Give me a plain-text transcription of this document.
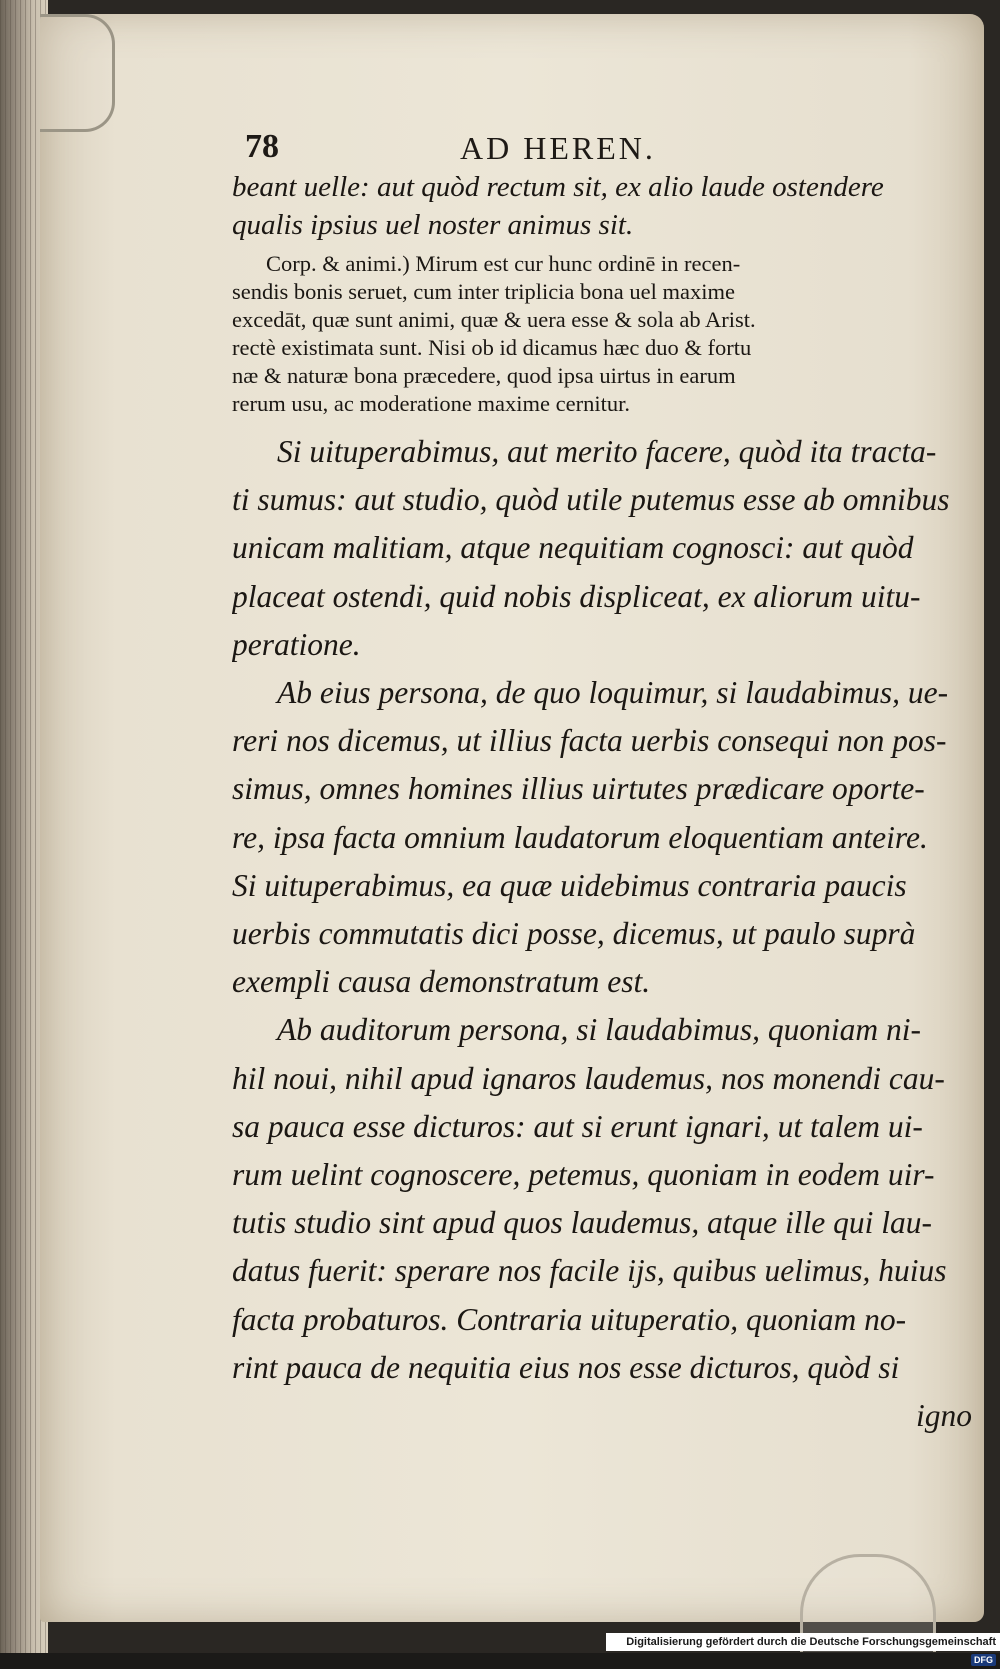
78	AD HEREN.
beant uelle: aut quòd rectum sit, ex alio laude ostendere
qualis ipsius uel noster animus sit.
Corp. & animi.) Mirum est cur hunc ordinē in recen-
sendis bonis seruet, cum inter triplicia bona uel maxime
excedāt, quæ sunt animi, quæ & uera esse & sola ab Arist.
rectè existimata sunt. Nisi ob id dicamus hæc duo & fortu
næ & naturæ bona præcedere, quod ipsa uirtus in earum
rerum usu, ac moderatione maxime cernitur.
Si uituperabimus, aut merito facere, quòd ita tracta-
ti sumus: aut studio, quòd utile putemus esse ab omnibus
unicam malitiam, atque nequitiam cognosci: aut quòd
placeat ostendi, quid nobis displiceat, ex aliorum uitu-
peratione.
Ab eius persona, de quo loquimur, si laudabimus, ue-
reri nos dicemus, ut illius facta uerbis consequi non pos-
simus, omnes homines illius uirtutes prædicare oporte-
re, ipsa facta omnium laudatorum eloquentiam anteire.
Si uituperabimus, ea quæ uidebimus contraria paucis
uerbis commutatis dici posse, dicemus, ut paulo suprà
exempli causa demonstratum est.
Ab auditorum persona, si laudabimus, quoniam ni-
hil noui, nihil apud ignaros laudemus, nos monendi cau-
sa pauca esse dicturos: aut si erunt ignari, ut talem ui-
rum uelint cognoscere, petemus, quoniam in eodem uir-
tutis studio sint apud quos laudemus, atque ille qui lau-
datus fuerit: sperare nos facile ijs, quibus uelimus, huius
facta probaturos. Contraria uituperatio, quoniam no-
rint pauca de nequitia eius nos esse dicturos, quòd si
igno
Digitalisierung gefördert durch die Deutsche ForschungsgemeinschaftDFG
